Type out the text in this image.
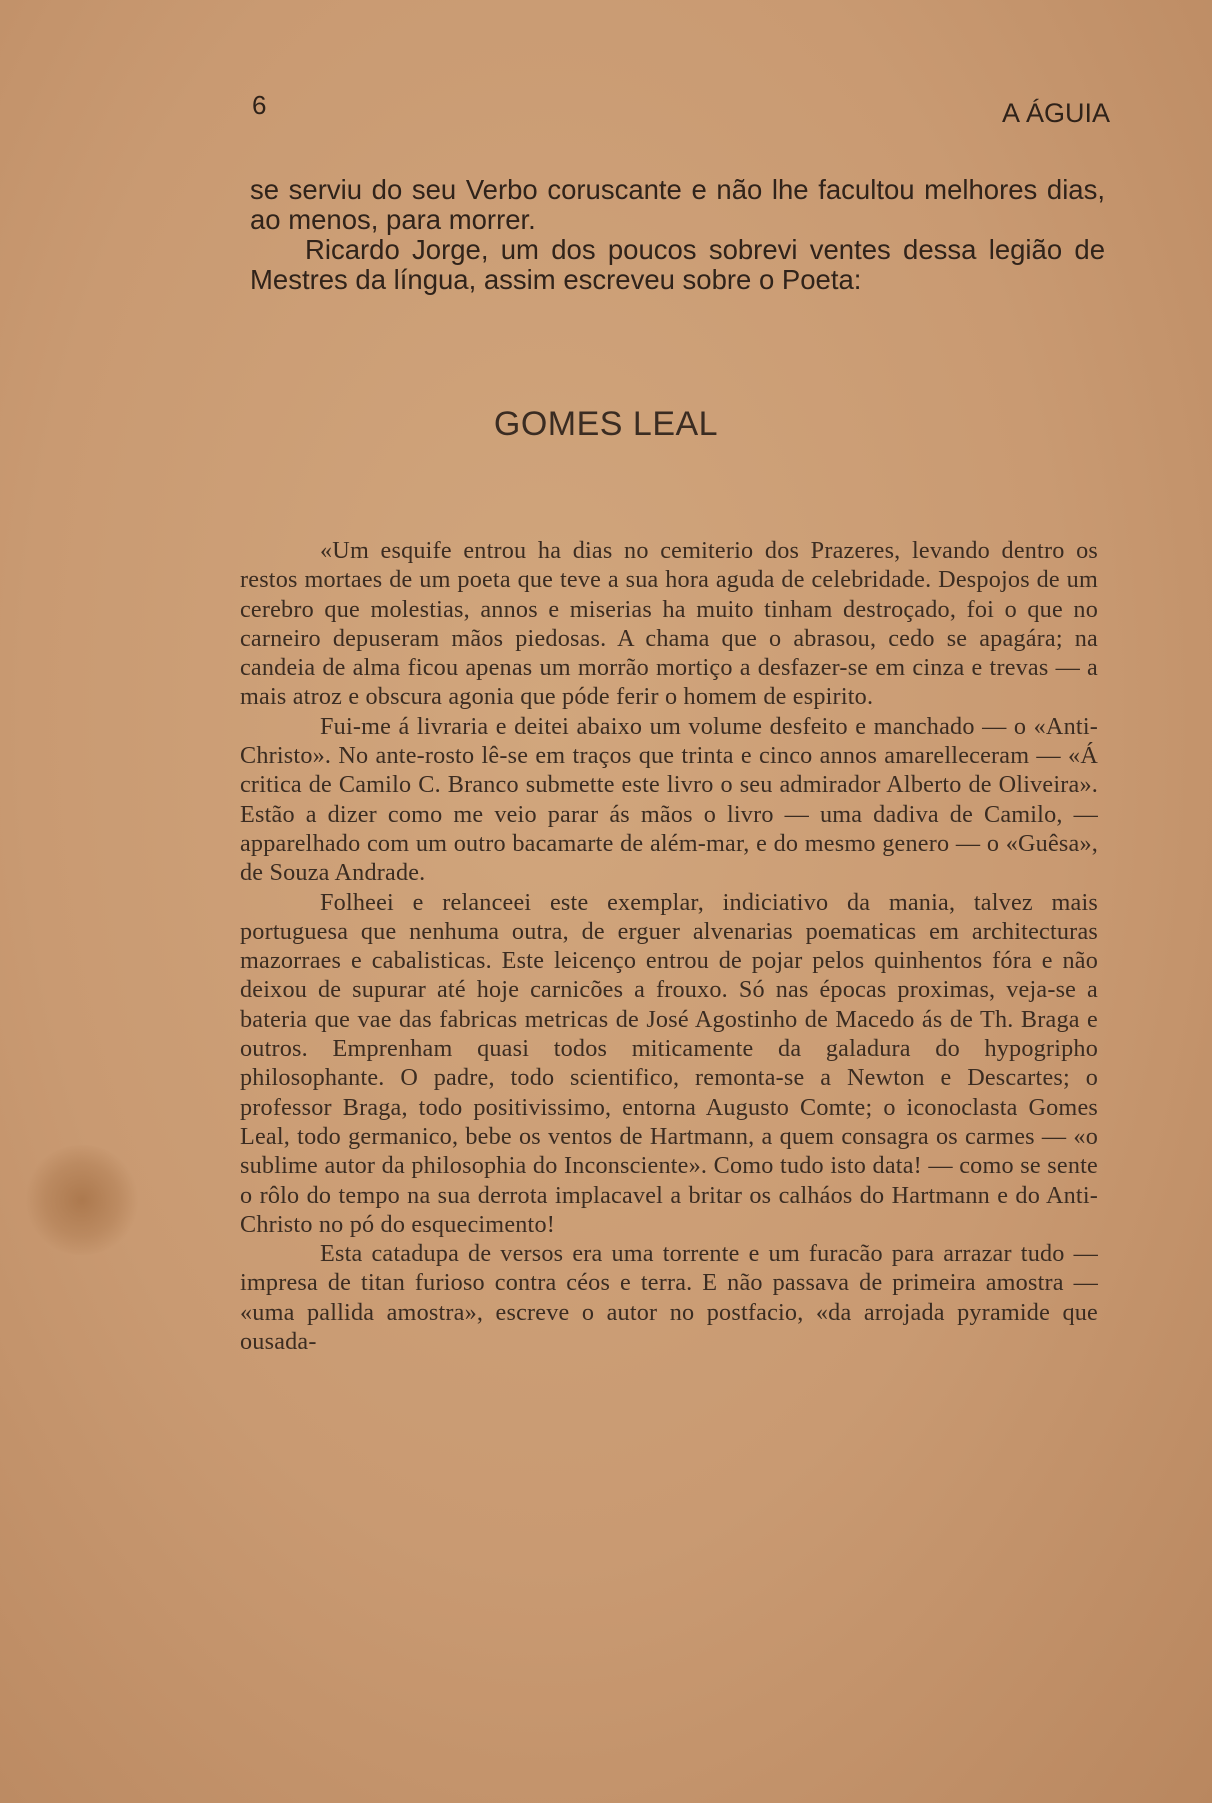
6	A ÁGUIA

se serviu do seu Verbo coruscante e não lhe facultou melhores dias, ao menos, para morrer.

Ricardo Jorge, um dos poucos sobrevi ventes dessa legião de Mestres da língua, assim escreveu sobre o Poeta:

GOMES LEAL

«Um esquife entrou ha dias no cemiterio dos Prazeres, levando dentro os restos mortaes de um poeta que teve a sua hora aguda de celebridade. Despojos de um cerebro que molestias, annos e miserias ha muito tinham destroçado, foi o que no carneiro depuseram mãos piedosas. A chama que o abrasou, cedo se apagára; na candeia de alma ficou apenas um morrão mortiço a desfazer-se em cinza e trevas — a mais atroz e obscura agonia que póde ferir o homem de espirito.

Fui-me á livraria e deitei abaixo um volume desfeito e manchado — o «Anti-Christo». No ante-rosto lê-se em traços que trinta e cinco annos amarelleceram — «Á critica de Camilo C. Branco submette este livro o seu admirador Alberto de Oliveira». Estão a dizer como me veio parar ás mãos o livro — uma dadiva de Camilo, — apparelhado com um outro bacamarte de além-mar, e do mesmo genero — o «Guêsa», de Souza Andrade.

Folheei e relanceei este exemplar, indiciativo da mania, talvez mais portuguesa que nenhuma outra, de erguer alvenarias poematicas em architecturas mazorraes e cabalisticas. Este leicenço entrou de pojar pelos quinhentos fóra e não deixou de supurar até hoje carnicões a frouxo. Só nas épocas proximas, veja-se a bateria que vae das fabricas metricas de José Agostinho de Macedo ás de Th. Braga e outros. Emprenham quasi todos miticamente da galadura do hypogripho philosophante. O padre, todo scientifico, remonta-se a Newton e Descartes; o professor Braga, todo positivissimo, entorna Augusto Comte; o iconoclasta Gomes Leal, todo germanico, bebe os ventos de Hartmann, a quem consagra os carmes — «o sublime autor da philosophia do Inconsciente». Como tudo isto data! — como se sente o rôlo do tempo na sua derrota implacavel a britar os calháos do Hartmann e do Anti-Christo no pó do esquecimento!

Esta catadupa de versos era uma torrente e um furacão para arrazar tudo — impresa de titan furioso contra céos e terra. E não passava de primeira amostra — «uma pallida amostra», escreve o autor no postfacio, «da arrojada pyramide que ousada-
